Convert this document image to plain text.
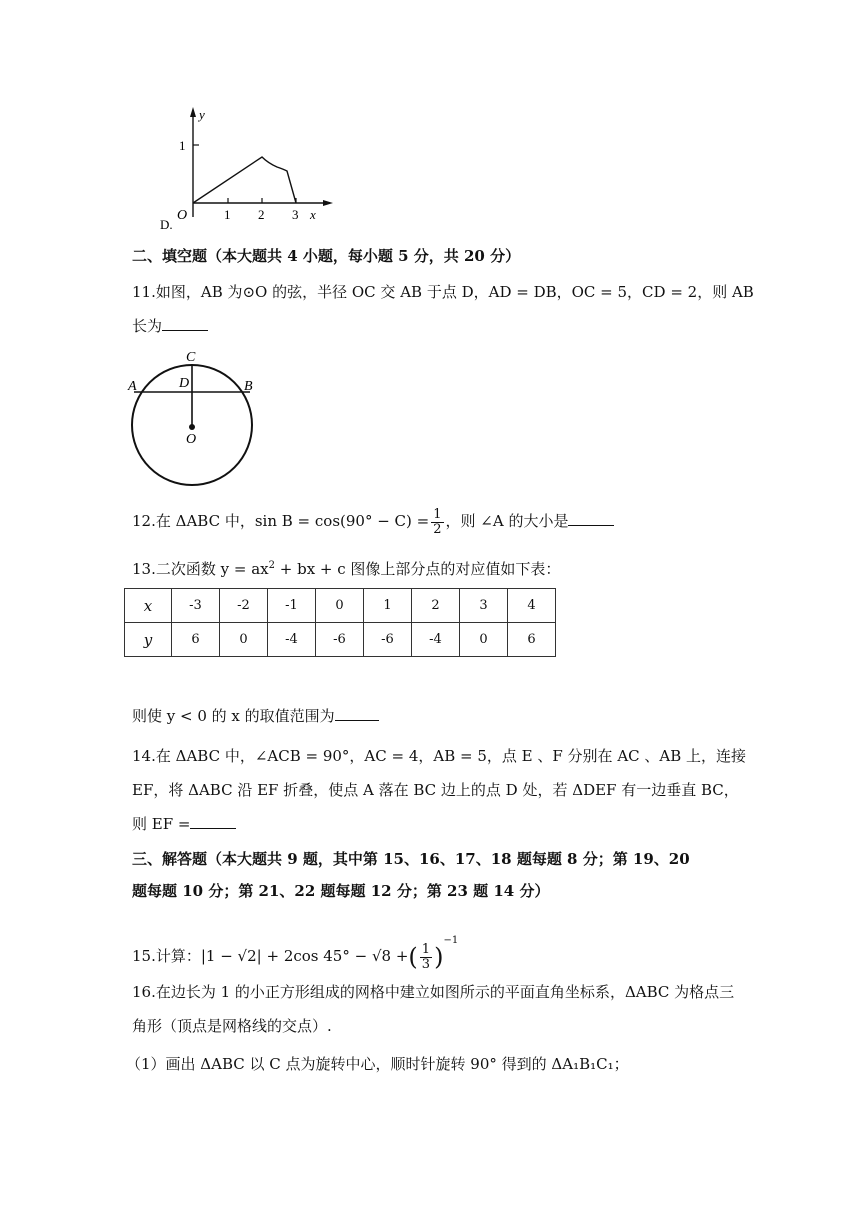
y
1
O	1 2 3 x
D.
二、填空题（本大题共 4 小题，每小题 5 分，共 20 分）
11.如图，AB 为⊙O 的弦，半径 OC 交 AB 于点 D，AD = DB，OC = 5，CD = 2，则 AB
长为
C
A	D	B
O
12.在 ΔABC 中，$\sin B = \cos(90^\circ - C) = \frac{1}{2}$ ，则 ∠A 的大小是
13.二次函数 $y = ax^2$ + bx + c 图像上部分点的对应值如下表：
x	-3	-2	-1	0	1	2	3	4
y	6	0	-4	-6	-6	-4	0	6
则使 y < 0 的 x 的取值范围为
14.在 ΔABC 中，∠ACB = 90°，AC = 4，AB = 5，点 E 、F 分别在 AC 、AB 上，连接
EF，将 ΔABC 沿 EF 折叠，使点 A 落在 BC 边上的点 D 处，若 ΔDEF 有一边垂直 BC，
则 EF =
三、解答题（本大题共 9 题，其中第 15、16、17、18 题每题 8 分；第 19、20
题每题 10 分；第 21、22 题每题 12 分；第 23 题 14 分）
15.计算：|1 − √2| + 2cos 45° − √8 +( $\frac{1}{3} )^{-1}$
16.在边长为 1 的小正方形组成的网格中建立如图所示的平面直角坐标系，ΔABC 为格点三
角形（顶点是网格线的交点）.
（1）画出 ΔABC 以 C 点为旋转中心，顺时针旋转 90° 得到的 ΔA₁B₁C₁；
